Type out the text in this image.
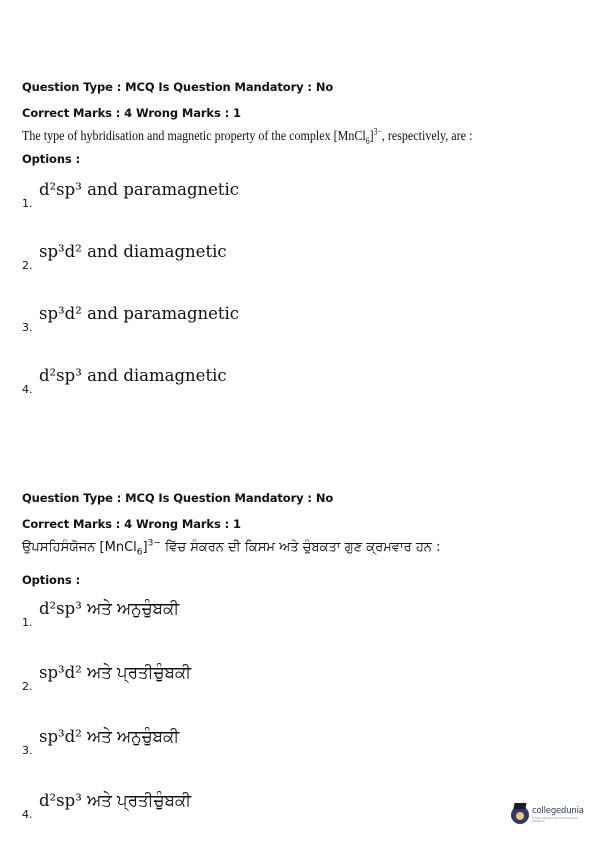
Question Type : MCQ Is Question Mandatory : No
Correct Marks : 4 Wrong Marks : 1
The type of hybridisation and magnetic property of the complex [MnCl$_6$]$^{3-}$, respectively, are :
Options :
1.
d²sp³ and paramagnetic
2.
sp³d² and diamagnetic
3.
sp³d² and paramagnetic
4.
d²sp³ and diamagnetic
Question Type : MCQ Is Question Mandatory : No
Correct Marks : 4 Wrong Marks : 1
ਉਪਸਹਿਸੰਯੋਜਨ [MnCl$_6$]$^{3-}$ ਵਿੱਚ ਸੰਕਰਨ ਦੀ ਕਿਸਮ ਅਤੇ ਚੁੰਬਕਤਾ ਗੁਣ ਕ੍ਰਮਵਾਰ ਹਨ :
Options :
1.
d²sp³ ਅਤੇ ਅਨੁਚੁੰਬਕੀ
2.
sp³d² ਅਤੇ ਪ੍ਰਤੀਚੁੰਬਕੀ
3.
sp³d² ਅਤੇ ਅਨੁਚੁੰਬਕੀ
4.
d²sp³ ਅਤੇ ਪ੍ਰਤੀਚੁੰਬਕੀ
collegedunia
India's largest Student Review Platform
